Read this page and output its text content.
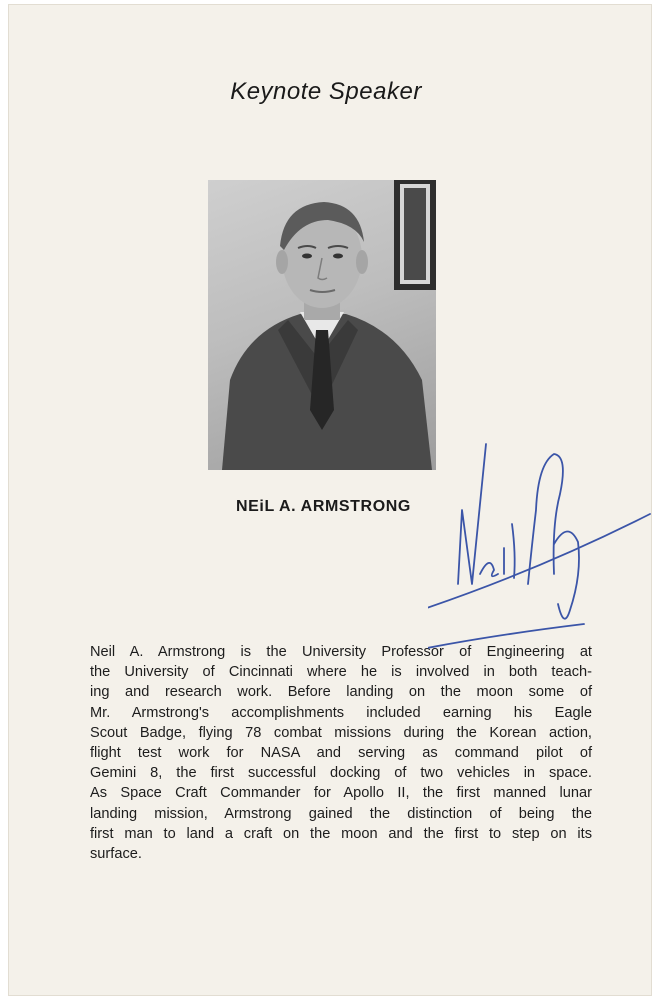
Keynote Speaker
NEiL A. ARMSTRONG
Neil A. Armstrong is the University Professor of Engineering at
the University of Cincinnati where he is involved in both teach-
ing and research work. Before landing on the moon some of
Mr. Armstrong's accomplishments included earning his Eagle
Scout Badge, flying 78 combat missions during the Korean action,
flight test work for NASA and serving as command pilot of
Gemini 8, the first successful docking of two vehicles in space.
As Space Craft Commander for Apollo II, the first manned lunar
landing mission, Armstrong gained the distinction of being the
first man to land a craft on the moon and the first to step on its
surface.
